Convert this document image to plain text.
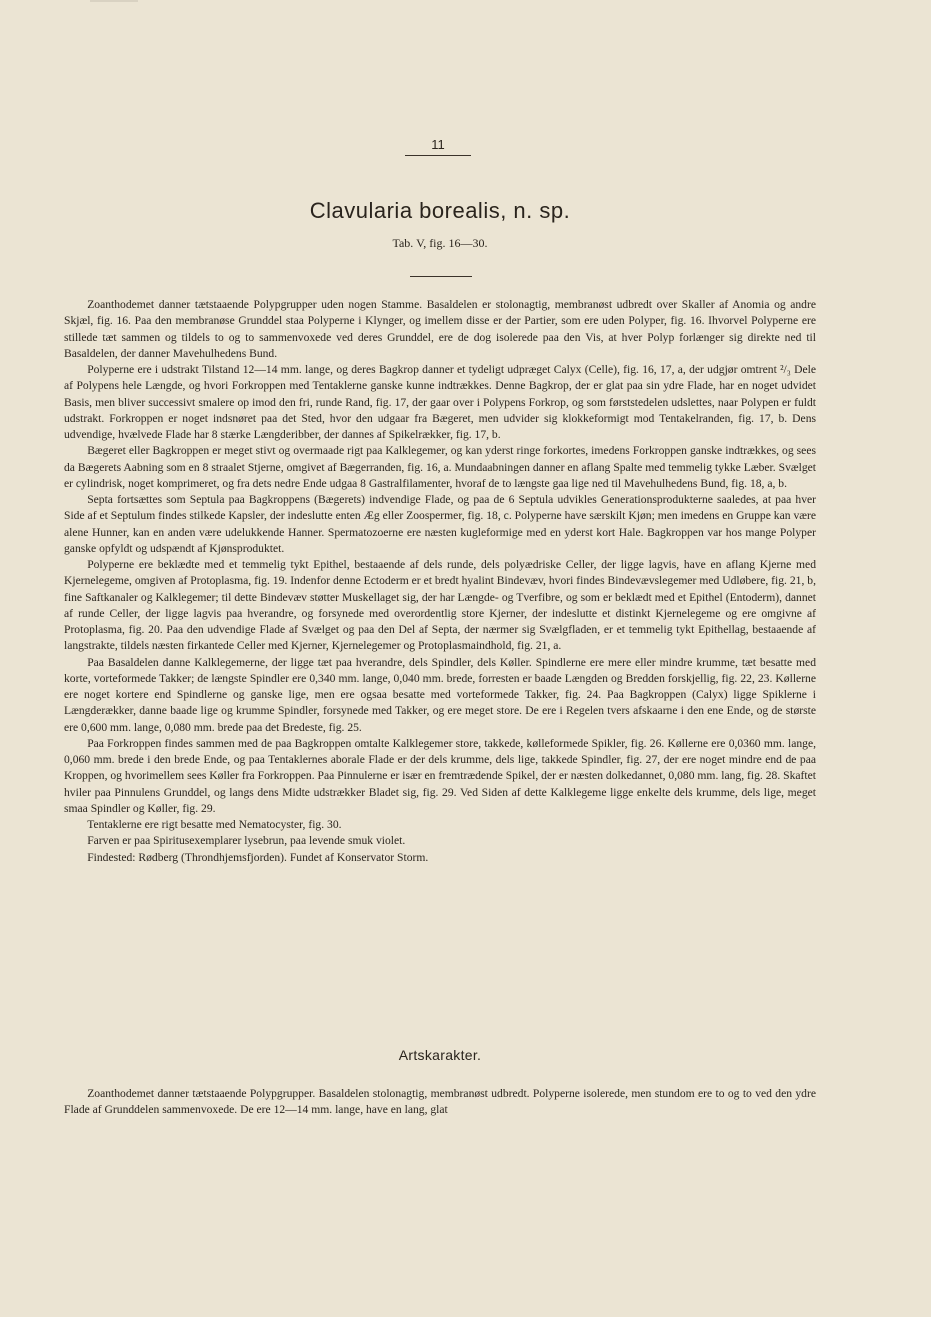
11
Clavularia borealis, n. sp.
Tab. V, fig. 16—30.

Zoanthodemet danner tætstaaende Polypgrupper uden nogen Stamme. Basaldelen er stolonagtig, membranøst udbredt over Skaller af Anomia og andre Skjæl, fig. 16. Paa den membranøse Grunddel staa Polyperne i Klynger, og imellem disse er der Partier, som ere uden Polyper, fig. 16. Ihvorvel Polyperne ere stillede tæt sammen og tildels to og to sammenvoxede ved deres Grunddel, ere de dog isolerede paa den Vis, at hver Polyp forlænger sig direkte ned til Basaldelen, der danner Mavehulhedens Bund.

Polyperne ere i udstrakt Tilstand 12—14 mm. lange, og deres Bagkrop danner et tydeligt udpræget Calyx (Celle), fig. 16, 17, a, der udgjør omtrent ²/₃ Dele af Polypens hele Længde, og hvori Forkroppen med Tentaklerne ganske kunne indtrækkes. Denne Bagkrop, der er glat paa sin ydre Flade, har en noget udvidet Basis, men bliver successivt smalere op imod den fri, runde Rand, fig. 17, der gaar over i Polypens Forkrop, og som førststedelen udslettes, naar Polypen er fuldt udstrakt. Forkroppen er noget indsnøret paa det Sted, hvor den udgaar fra Bægeret, men udvider sig klokkeformigt mod Tentakelranden, fig. 17, b. Dens udvendige, hvælvede Flade har 8 stærke Længderibber, der dannes af Spikelrækker, fig. 17, b.

Bægeret eller Bagkroppen er meget stivt og overmaade rigt paa Kalklegemer, og kan yderst ringe forkortes, imedens Forkroppen ganske indtrækkes, og sees da Bægerets Aabning som en 8 straalet Stjerne, omgivet af Bægerranden, fig. 16, a. Mundaabningen danner en aflang Spalte med temmelig tykke Læber. Svælget er cylindrisk, noget komprimeret, og fra dets nedre Ende udgaa 8 Gastralfilamenter, hvoraf de to længste gaa lige ned til Mavehulhedens Bund, fig. 18, a, b.

Septa fortsættes som Septula paa Bagkroppens (Bægerets) indvendige Flade, og paa de 6 Septula udvikles Generationsprodukterne saaledes, at paa hver Side af et Septulum findes stilkede Kapsler, der indeslutte enten Æg eller Zoospermer, fig. 18, c. Polyperne have særskilt Kjøn; men imedens en Gruppe kan være alene Hunner, kan en anden være udelukkende Hanner. Spermatozoerne ere næsten kugleformige med en yderst kort Hale. Bagkroppen var hos mange Polyper ganske opfyldt og udspændt af Kjønsproduktet.

Polyperne ere beklædte med et temmelig tykt Epithel, bestaaende af dels runde, dels polyædriske Celler, der ligge lagvis, have en aflang Kjerne med Kjernelegeme, omgiven af Protoplasma, fig. 19. Indenfor denne Ectoderm er et bredt hyalint Bindevæv, hvori findes Bindevævslegemer med Udløbere, fig. 21, b, fine Saftkanaler og Kalklegemer; til dette Bindevæv støtter Muskellaget sig, der har Længde- og Tverfibre, og som er beklædt med et Epithel (Entoderm), dannet af runde Celler, der ligge lagvis paa hverandre, og forsynede med overordentlig store Kjerner, der indeslutte et distinkt Kjernelegeme og ere omgivne af Protoplasma, fig. 20. Paa den udvendige Flade af Svælget og paa den Del af Septa, der nærmer sig Svælgfladen, er et temmelig tykt Epithellag, bestaaende af langstrakte, tildels næsten firkantede Celler med Kjerner, Kjernelegemer og Protoplasmaindhold, fig. 21, a.

Paa Basaldelen danne Kalklegemerne, der ligge tæt paa hverandre, dels Spindler, dels Køller. Spindlerne ere mere eller mindre krumme, tæt besatte med korte, vorteformede Takker; de længste Spindler ere 0,340 mm. lange, 0,040 mm. brede, forresten er baade Længden og Bredden forskjellig, fig. 22, 23. Køllerne ere noget kortere end Spindlerne og ganske lige, men ere ogsaa besatte med vorteformede Takker, fig. 24. Paa Bagkroppen (Calyx) ligge Spiklerne i Længderækker, danne baade lige og krumme Spindler, forsynede med Takker, og ere meget store. De ere i Regelen tvers afskaarne i den ene Ende, og de største ere 0,600 mm. lange, 0,080 mm. brede paa det Bredeste, fig. 25.

Paa Forkroppen findes sammen med de paa Bagkroppen omtalte Kalklegemer store, takkede, kølleformede Spikler, fig. 26. Køllerne ere 0,0360 mm. lange, 0,060 mm. brede i den brede Ende, og paa Tentaklernes aborale Flade er der dels krumme, dels lige, takkede Spindler, fig. 27, der ere noget mindre end de paa Kroppen, og hvorimellem sees Køller fra Forkroppen. Paa Pinnulerne er især en fremtrædende Spikel, der er næsten dolkedannet, 0,080 mm. lang, fig. 28. Skaftet hviler paa Pinnulens Grunddel, og langs dens Midte udstrækker Bladet sig, fig. 29. Ved Siden af dette Kalklegeme ligge enkelte dels krumme, dels lige, meget smaa Spindler og Køller, fig. 29.

Tentaklerne ere rigt besatte med Nematocyster, fig. 30.

Farven er paa Spiritusexemplarer lysebrun, paa levende smuk violet.

Findested: Rødberg (Throndhjemsfjorden). Fundet af Konservator Storm.

Artskarakter.

Zoanthodemet danner tætstaaende Polypgrupper. Basaldelen stolonagtig, membranøst udbredt. Polyperne isolerede, men stundom ere to og to ved den ydre Flade af Grunddelen sammenvoxede. De ere 12—14 mm. lange, have en lang, glat
